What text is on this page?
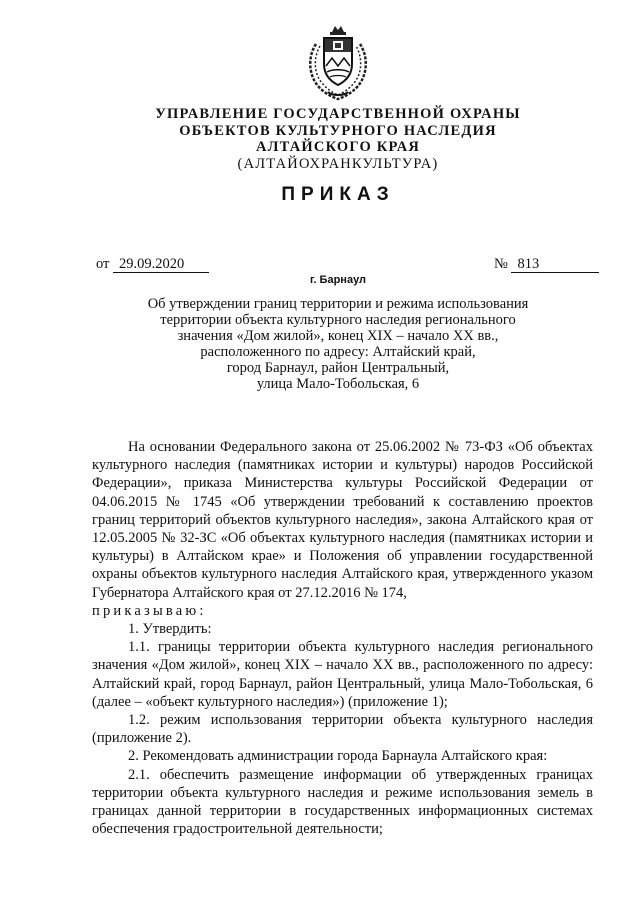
УПРАВЛЕНИЕ ГОСУДАРСТВЕННОЙ ОХРАНЫ
ОБЪЕКТОВ КУЛЬТУРНОГО НАСЛЕДИЯ
АЛТАЙСКОГО КРАЯ
(АЛТАЙОХРАНКУЛЬТУРА)
ПРИКАЗ
от 29.09.2020	№ 813
г. Барнаул
Об утверждении границ территории и режима использования
территории объекта культурного наследия регионального
значения «Дом жилой», конец XIX – начало XX вв.,
расположенного по адресу: Алтайский край,
город Барнаул, район Центральный,
улица Мало-Тобольская, 6

На основании Федерального закона от 25.06.2002 № 73-ФЗ «Об объектах культурного наследия (памятниках истории и культуры) народов Российской Федерации», приказа Министерства культуры Российской Федерации от 04.06.2015 № 1745 «Об утверждении требований к составлению проектов границ территорий объектов культурного наследия», закона Алтайского края от 12.05.2005 № 32-ЗС «Об объектах культурного наследия (памятниках истории и культуры) в Алтайском крае» и Положения об управлении государственной охраны объектов культурного наследия Алтайского края, утвержденного указом Губернатора Алтайского края от 27.12.2016 № 174,

приказываю:

1. Утвердить:

1.1. границы территории объекта культурного наследия регионального значения «Дом жилой», конец XIX – начало XX вв., расположенного по адресу: Алтайский край, город Барнаул, район Центральный, улица Мало-Тобольская, 6 (далее – «объект культурного наследия») (приложение 1);

1.2. режим использования территории объекта культурного наследия (приложение 2).

2. Рекомендовать администрации города Барнаула Алтайского края:

2.1. обеспечить размещение информации об утвержденных границах территории объекта культурного наследия и режиме использования земель в границах данной территории в государственных информационных системах обеспечения градостроительной деятельности;
